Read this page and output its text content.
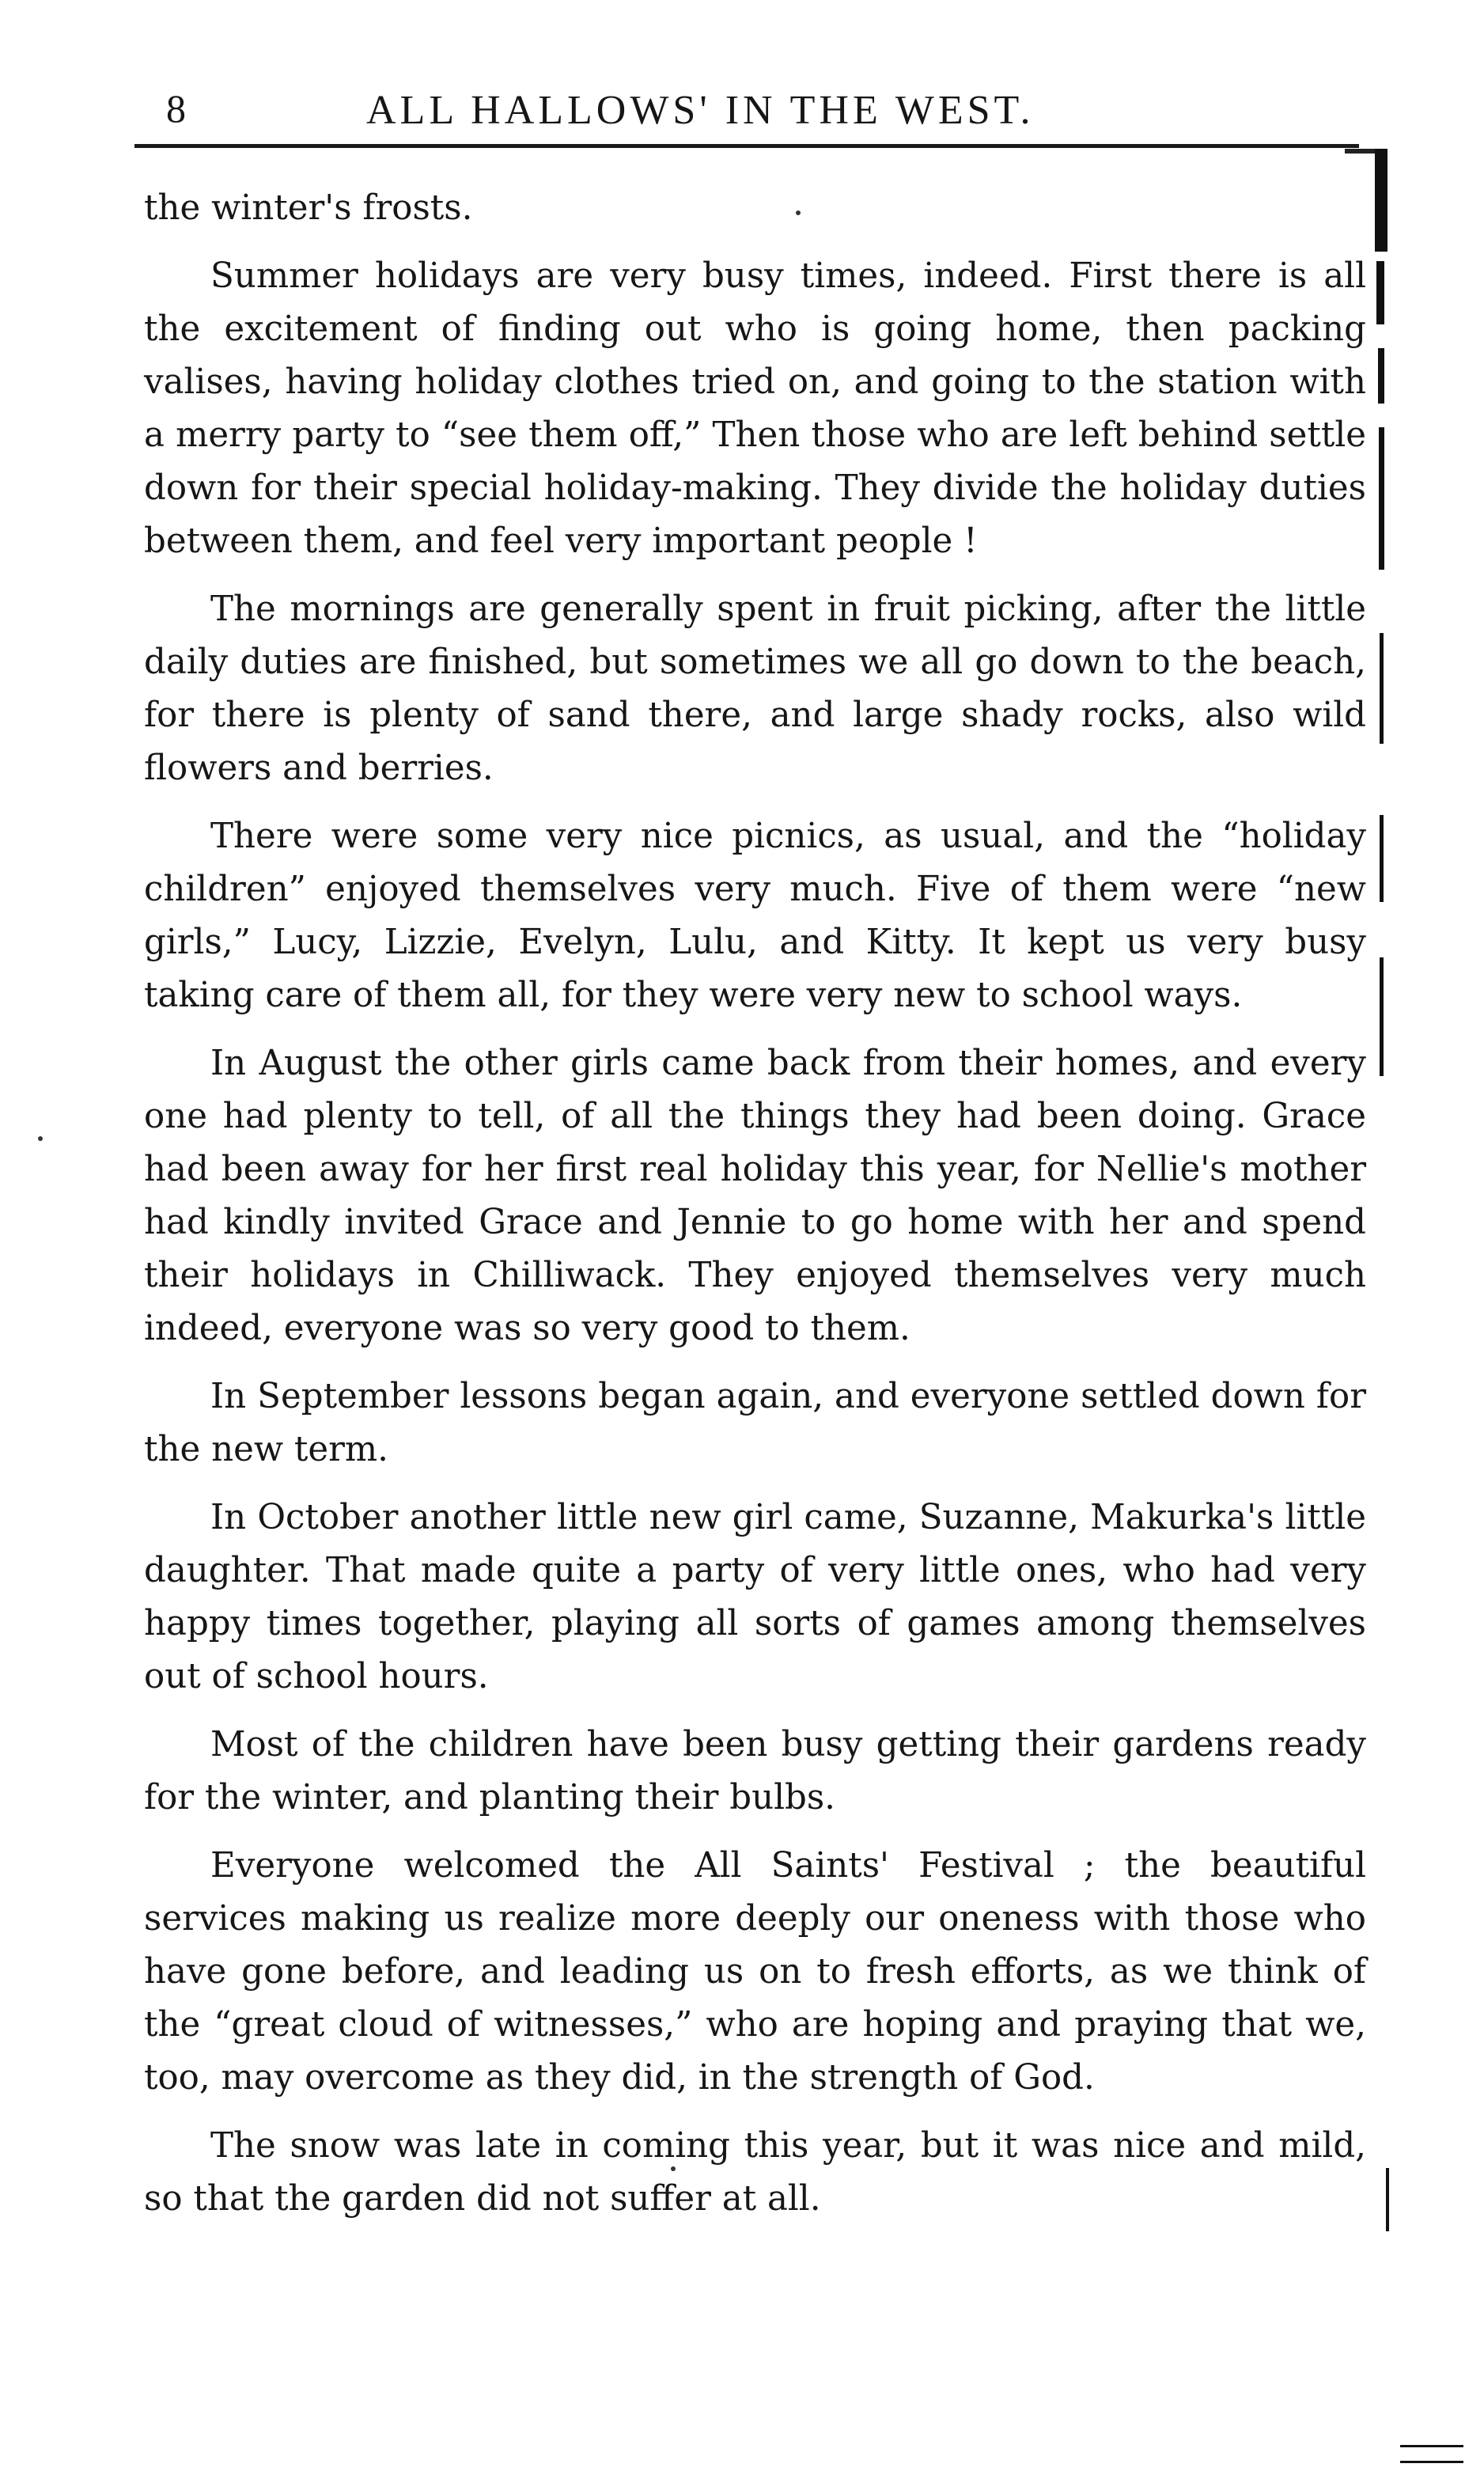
8	ALL HALLOWS' IN THE WEST.

the winter's frosts.

Summer holidays are very busy times, indeed. First there is all the excitement of finding out who is going home, then packing valises, having holiday clothes tried on, and going to the station with a merry party to “see them off,” Then those who are left behind settle down for their special holiday-making. They divide the holiday duties between them, and feel very important people !

The mornings are generally spent in fruit picking, after the little daily duties are finished, but sometimes we all go down to the beach, for there is plenty of sand there, and large shady rocks, also wild flowers and berries.

There were some very nice picnics, as usual, and the “holiday children” enjoyed themselves very much. Five of them were “new girls,” Lucy, Lizzie, Evelyn, Lulu, and Kitty. It kept us very busy taking care of them all, for they were very new to school ways.

In August the other girls came back from their homes, and every one had plenty to tell, of all the things they had been doing. Grace had been away for her first real holiday this year, for Nellie's mother had kindly invited Grace and Jennie to go home with her and spend their holidays in Chilliwack. They enjoyed themselves very much indeed, everyone was so very good to them.

In September lessons began again, and everyone settled down for the new term.

In October another little new girl came, Suzanne, Makurka's little daughter. That made quite a party of very little ones, who had very happy times together, playing all sorts of games among themselves out of school hours.

Most of the children have been busy getting their gardens ready for the winter, and planting their bulbs.

Everyone welcomed the All Saints' Festival ; the beautiful services making us realize more deeply our oneness with those who have gone before, and leading us on to fresh efforts, as we think of the “great cloud of witnesses,” who are hoping and praying that we, too, may overcome as they did, in the strength of God.

The snow was late in coming this year, but it was nice and mild, so that the garden did not suffer at all.
